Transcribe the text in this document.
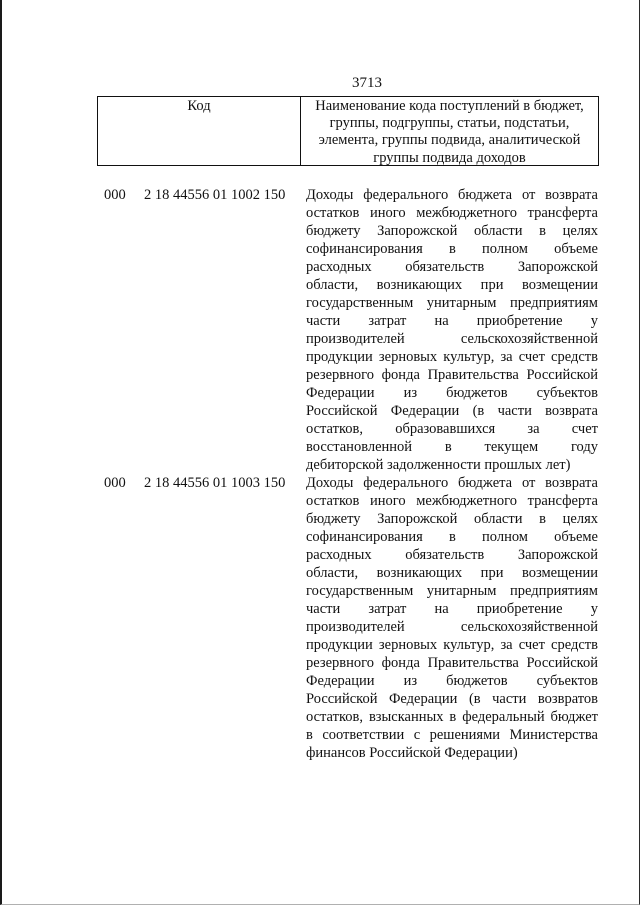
3713
Код	Наименование кода поступлений в бюджет,
группы, подгруппы, статьи, подстатьи,
элемента, группы подвида, аналитической
группы подвида доходов
000	2 18 44556 01 1002 150	Доходы федерального бюджета от возврата
остатков иного межбюджетного трансферта
бюджету Запорожской области в целях
софинансирования в полном объеме
расходных обязательств Запорожской
области, возникающих при возмещении
государственным унитарным предприятиям
части затрат на приобретение у
производителей сельскохозяйственной
продукции зерновых культур, за счет средств
резервного фонда Правительства Российской
Федерации из бюджетов субъектов
Российской Федерации (в части возврата
остатков, образовавшихся за счет
восстановленной в текущем году
дебиторской задолженности прошлых лет)
000	2 18 44556 01 1003 150	Доходы федерального бюджета от возврата
остатков иного межбюджетного трансферта
бюджету Запорожской области в целях
софинансирования в полном объеме
расходных обязательств Запорожской
области, возникающих при возмещении
государственным унитарным предприятиям
части затрат на приобретение у
производителей сельскохозяйственной
продукции зерновых культур, за счет средств
резервного фонда Правительства Российской
Федерации из бюджетов субъектов
Российской Федерации (в части возвратов
остатков, взысканных в федеральный бюджет
в соответствии с решениями Министерства
финансов Российской Федерации)
